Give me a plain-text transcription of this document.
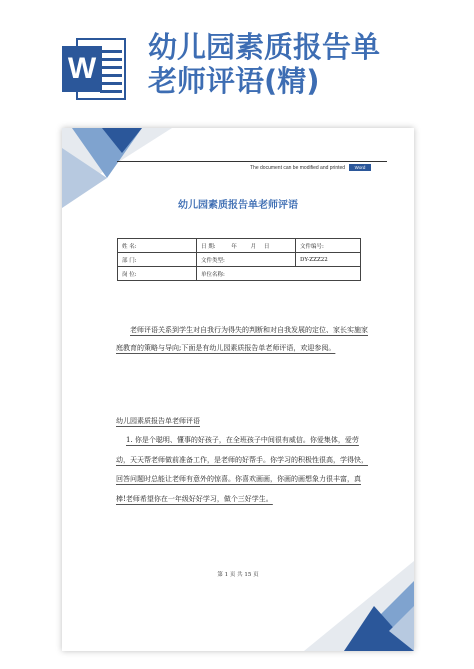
W
幼儿园素质报告单
老师评语(精)
The document can be modified and printed	Word
幼儿园素质报告单老师评语
姓 名:	日 期: 年 月 日	文件编号:
部 门:	文件类型:	DY-ZZZ22
岗 位:	单位名称:	
老师评语关系到学生对自我行为得失的判断和对自我发展的定位、家长实施家庭教育的策略与导向;下面是有幼儿园素质报告单老师评语，欢迎参阅。
幼儿园素质报告单老师评语
1. 你是个聪明、懂事的好孩子，在全班孩子中间很有威信。你爱集体，爱劳动，天天帮老师做前准备工作，是老师的好帮手。你学习的积极性很高，学得快，回答问题时总能让老师有意外的惊喜。你喜欢画画，你画的画想象力很丰富，真棒!老师希望你在一年级好好学习，做个三好学生。
第 1 页 共 15 页
